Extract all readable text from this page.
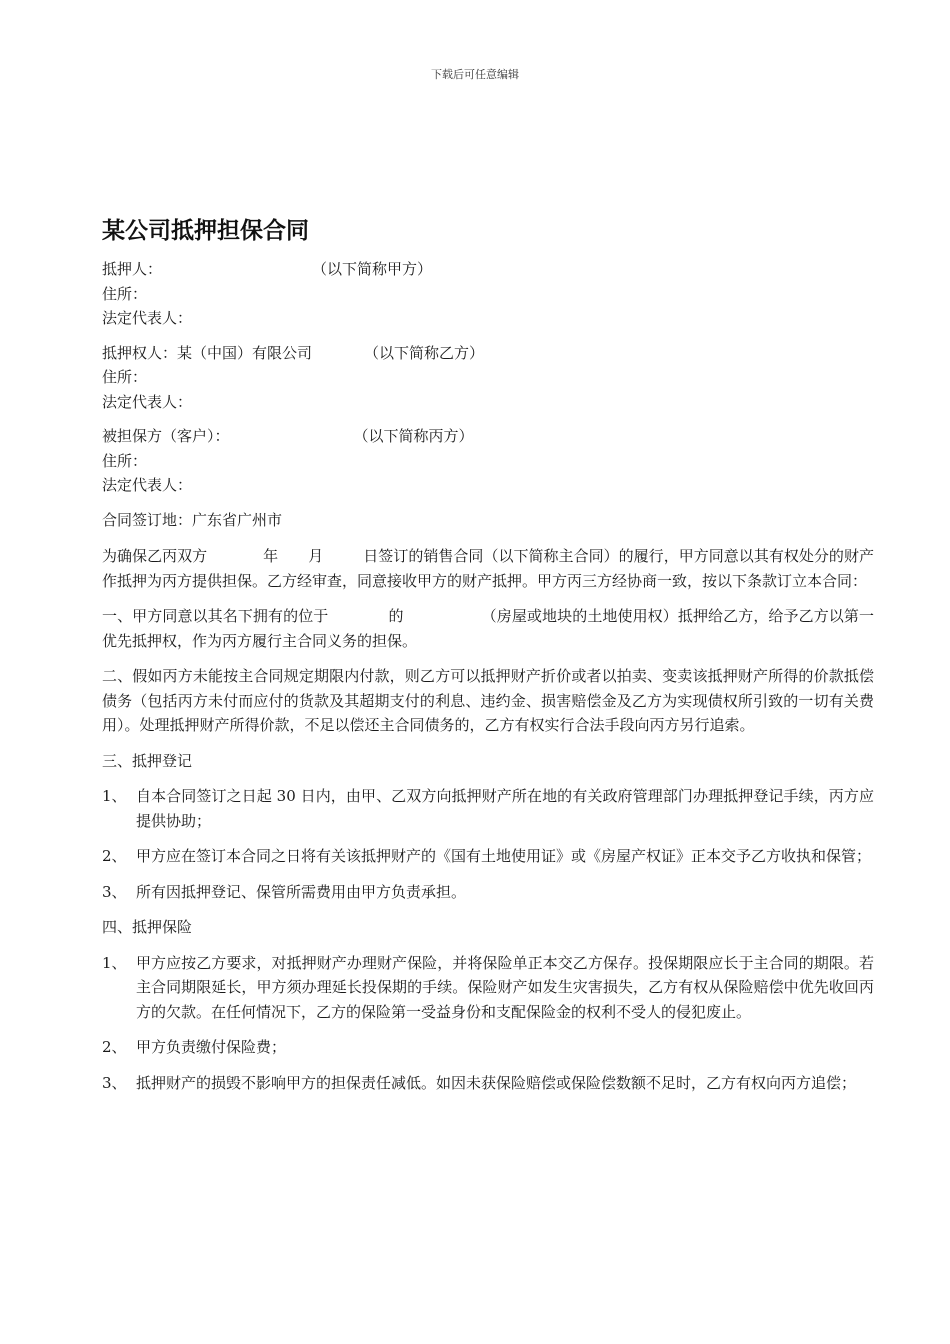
下载后可任意编辑
某公司抵押担保合同
抵押人：	（以下简称甲方）
住所：
法定代表人：
抵押权人：某（中国）有限公司	（以下简称乙方）
住所：
法定代表人：
被担保方（客户）：	（以下简称丙方）
住所：
法定代表人：
合同签订地：广东省广州市

为确保乙丙双方	年 月	日签订的销售合同（以下简称主合同）的履行，甲方同意以其有权处分的财产作抵押为丙方提供担保。乙方经审查，同意接收甲方的财产抵押。甲方丙三方经协商一致，按以下条款订立本合同：

一、甲方同意以其名下拥有的位于	的	（房屋或地块的土地使用权）抵押给乙方，给予乙方以第一优先抵押权，作为丙方履行主合同义务的担保。

二、假如丙方未能按主合同规定期限内付款，则乙方可以抵押财产折价或者以拍卖、变卖该抵押财产所得的价款抵偿债务（包括丙方未付而应付的货款及其超期支付的利息、违约金、损害赔偿金及乙方为实现债权所引致的一切有关费用）。处理抵押财产所得价款，不足以偿还主合同债务的，乙方有权实行合法手段向丙方另行追索。

三、抵押登记

1、 自本合同签订之日起 30 日内，由甲、乙双方向抵押财产所在地的有关政府管理部门办理抵押登记手续，丙方应提供协助；
2、 甲方应在签订本合同之日将有关该抵押财产的《国有土地使用证》或《房屋产权证》正本交予乙方收执和保管；
3、 所有因抵押登记、保管所需费用由甲方负责承担。

四、抵押保险

1、 甲方应按乙方要求，对抵押财产办理财产保险，并将保险单正本交乙方保存。投保期限应长于主合同的期限。若主合同期限延长，甲方须办理延长投保期的手续。保险财产如发生灾害损失，乙方有权从保险赔偿中优先收回丙方的欠款。在任何情况下，乙方的保险第一受益身份和支配保险金的权利不受人的侵犯废止。
2、 甲方负责缴付保险费；
3、 抵押财产的损毁不影响甲方的担保责任减低。如因未获保险赔偿或保险偿数额不足时，乙方有权向丙方追偿；
